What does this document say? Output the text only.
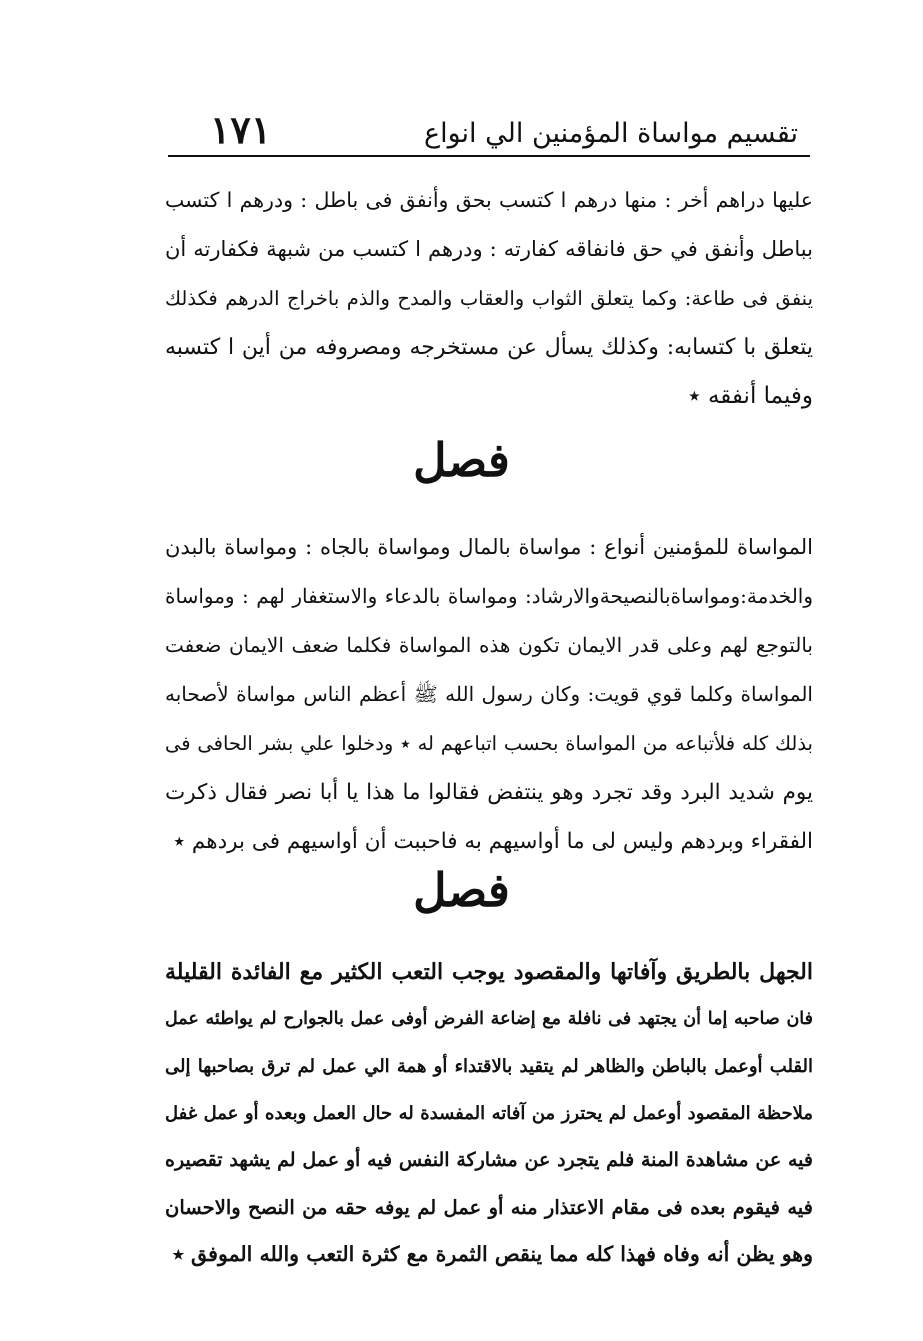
١٧١	تقسيم مواساة المؤمنين الي انواع
عليها دراهم أخر : منها درهم ا كتسب بحق وأنفق فى باطل : ودرهم ا كتسب
بباطل وأنفق في حق فانفاقه كفارته : ودرهم ا كتسب من شبهة فكفارته أن
ينفق فى طاعة: وكما يتعلق الثواب والعقاب والمدح والذم باخراج الدرهم فكذلك
يتعلق با كتسابه: وكذلك يسأل عن مستخرجه ومصروفه من أين ا كتسبه
وفيما أنفقه ٭
فصل
المواساة للمؤمنين أنواع : مواساة بالمال ومواساة بالجاه : ومواساة بالبدن
والخدمة:ومواساةبالنصيحةوالارشاد: ومواساة بالدعاء والاستغفار لهم : ومواساة
بالتوجع لهم وعلى قدر الايمان تكون هذه المواساة فكلما ضعف الايمان ضعفت
المواساة وكلما قوي قويت: وكان رسول الله ﷺ أعظم الناس مواساة لأصحابه
بذلك كله فلأتباعه من المواساة بحسب اتباعهم له ٭ ودخلوا علي بشر الحافى فى
يوم شديد البرد وقد تجرد وهو ينتفض فقالوا ما هذا يا أبا نصر فقال ذكرت
الفقراء وبردهم وليس لى ما أواسيهم به فاحببت أن أواسيهم فى بردهم ٭
فصل
الجهل بالطريق وآفاتها والمقصود يوجب التعب الكثير مع الفائدة القليلة
فان صاحبه إما أن يجتهد فى نافلة مع إضاعة الفرض أوفى عمل بالجوارح لم يواطئه عمل
القلب أوعمل بالباطن والظاهر لم يتقيد بالاقتداء أو همة الي عمل لم ترق بصاحبها إلى
ملاحظة المقصود أوعمل لم يحترز من آفاته المفسدة له حال العمل وبعده أو عمل غفل
فيه عن مشاهدة المنة فلم يتجرد عن مشاركة النفس فيه أو عمل لم يشهد تقصيره
فيه فيقوم بعده فى مقام الاعتذار منه أو عمل لم يوفه حقه من النصح والاحسان
وهو يظن أنه وفاه فهذا كله مما ينقص الثمرة مع كثرة التعب والله الموفق ٭
